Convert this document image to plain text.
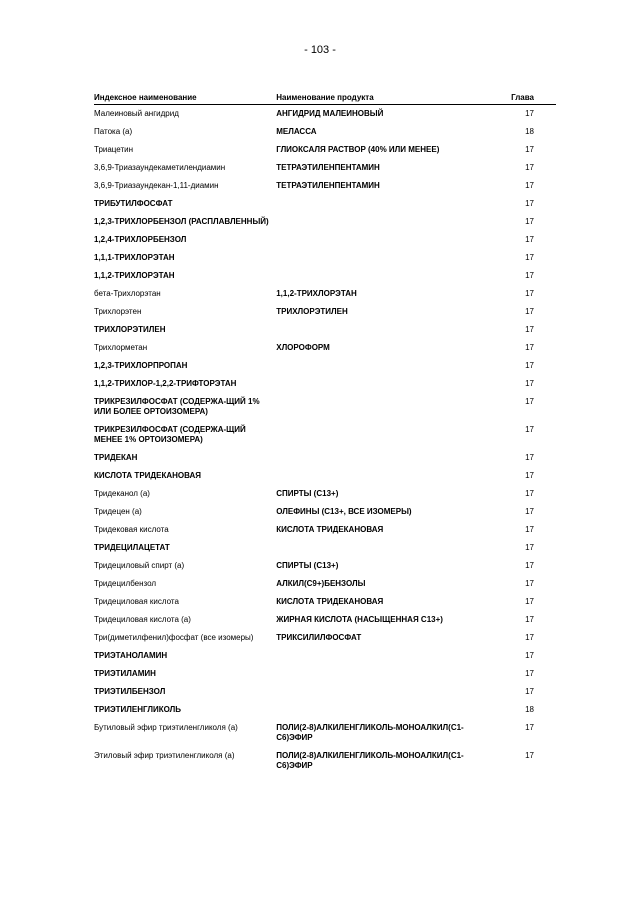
- 103 -
Индексное наименование	Наименование продукта	Глава
Малеиновый ангидрид	АНГИДРИД МАЛЕИНОВЫЙ	17
Патока (a)	МЕЛАССА	18
Триацетин	ГЛИОКСАЛЯ РАСТВОР (40% ИЛИ МЕНЕЕ)	17
3,6,9-Триазаундекаметилендиамин	ТЕТРАЭТИЛЕНПЕНТАМИН	17
3,6,9-Триазаундекан-1,11-диамин	ТЕТРАЭТИЛЕНПЕНТАМИН	17
ТРИБУТИЛФОСФАТ		17
1,2,3-ТРИХЛОРБЕНЗОЛ (РАСПЛАВЛЕННЫЙ)		17
1,2,4-ТРИХЛОРБЕНЗОЛ		17
1,1,1-ТРИХЛОРЭТАН		17
1,1,2-ТРИХЛОРЭТАН		17
бета-Трихлорэтан	1,1,2-ТРИХЛОРЭТАН	17
Трихлорэтен	ТРИХЛОРЭТИЛЕН	17
ТРИХЛОРЭТИЛЕН		17
Трихлорметан	ХЛОРОФОРМ	17
1,2,3-ТРИХЛОРПРОПАН		17
1,1,2-ТРИХЛОР-1,2,2-ТРИФТОРЭТАН		17
ТРИКРЕЗИЛФОСФАТ (СОДЕРЖА-ЩИЙ 1% ИЛИ БОЛЕЕ ОРТОИЗОМЕРА)		17
ТРИКРЕЗИЛФОСФАТ (СОДЕРЖА-ЩИЙ МЕНЕЕ 1% ОРТОИЗОМЕРА)		17
ТРИДЕКАН		17
КИСЛОТА ТРИДЕКАНОВАЯ		17
Тридеканол (a)	СПИРТЫ (C13+)	17
Тридецен (a)	ОЛЕФИНЫ (C13+, ВСЕ ИЗОМЕРЫ)	17
Тридековая кислота	КИСЛОТА ТРИДЕКАНОВАЯ	17
ТРИДЕЦИЛАЦЕТАТ		17
Тридециловый спирт (a)	СПИРТЫ (C13+)	17
Тридецилбензол	АЛКИЛ(C9+)БЕНЗОЛЫ	17
Тридециловая кислота	КИСЛОТА ТРИДЕКАНОВАЯ	17
Тридециловая кислота (a)	ЖИРНАЯ КИСЛОТА (НАСЫЩЕННАЯ C13+)	17
Три(диметилфенил)фосфат (все изомеры)	ТРИКСИЛИЛФОСФАТ	17
ТРИЭТАНОЛАМИН		17
ТРИЭТИЛАМИН		17
ТРИЭТИЛБЕНЗОЛ		17
ТРИЭТИЛЕНГЛИКОЛЬ		18
Бутиловый эфир триэтиленгликоля (a)	ПОЛИ(2-8)АЛКИЛЕНГЛИКОЛЬ-МОНОАЛКИЛ(C1-C6)ЭФИР	17
Этиловый эфир триэтиленгликоля (a)	ПОЛИ(2-8)АЛКИЛЕНГЛИКОЛЬ-МОНОАЛКИЛ(C1-C6)ЭФИР	17
